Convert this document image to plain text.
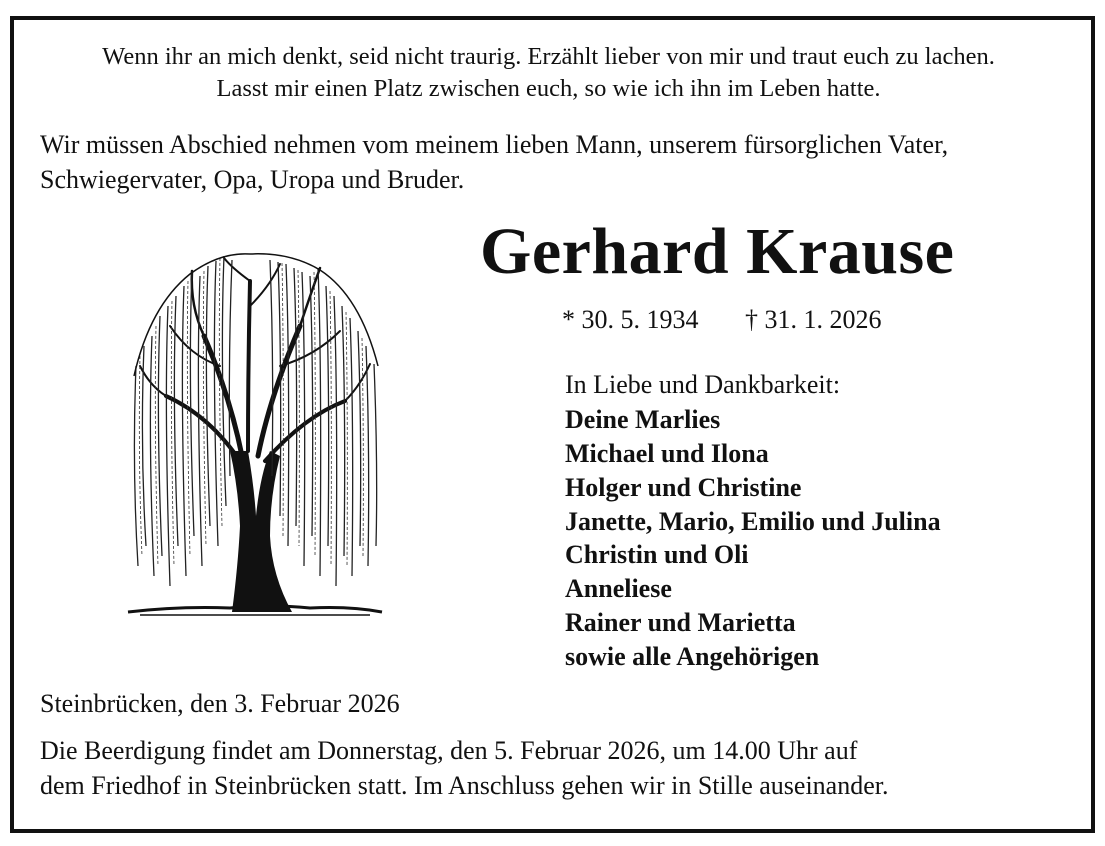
Wenn ihr an mich denkt, seid nicht traurig. Erzählt lieber von mir und traut euch zu lachen.
Lasst mir einen Platz zwischen euch, so wie ich ihn im Leben hatte.
Wir müssen Abschied nehmen vom meinem lieben Mann, unserem fürsorglichen Vater,
Schwiegervater, Opa, Uropa und Bruder.
Gerhard Krause
* 30. 5. 1934 † 31. 1. 2026
In Liebe und Dankbarkeit:
Deine Marlies
Michael und Ilona
Holger und Christine
Janette, Mario, Emilio und Julina
Christin und Oli
Anneliese
Rainer und Marietta
sowie alle Angehörigen
Steinbrücken, den 3. Februar 2026
Die Beerdigung findet am Donnerstag, den 5. Februar 2026, um 14.00 Uhr auf
dem Friedhof in Steinbrücken statt. Im Anschluss gehen wir in Stille auseinander.
